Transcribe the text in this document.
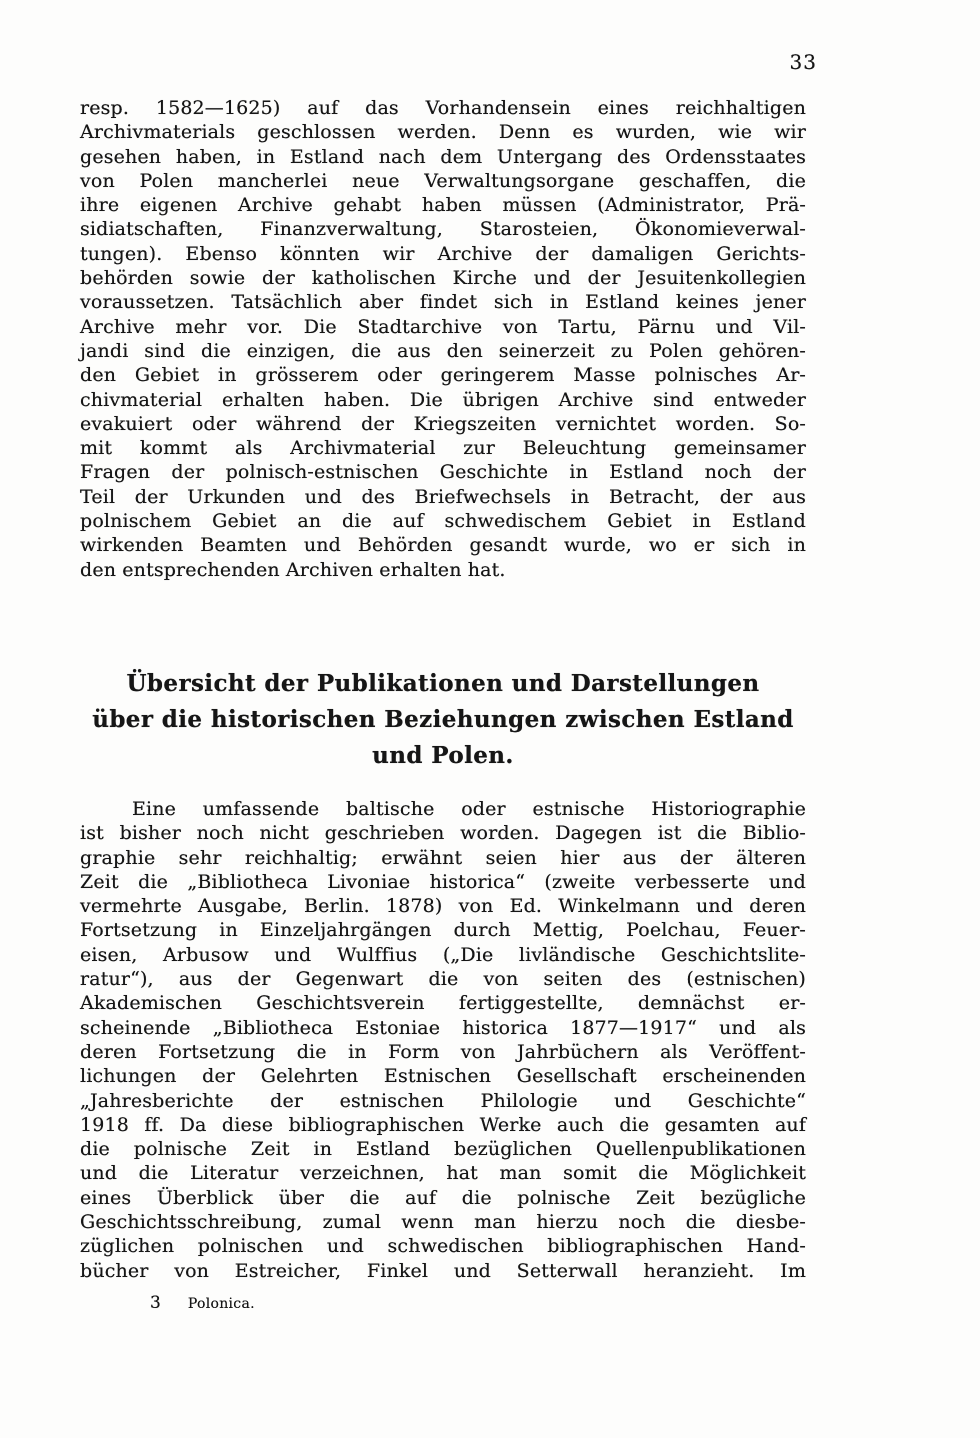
33
resp. 1582—1625) auf das Vorhandensein eines reichhaltigen
Archivmaterials geschlossen werden. Denn es wurden, wie wir
gesehen haben, in Estland nach dem Untergang des Ordensstaates
von Polen mancherlei neue Verwaltungsorgane geschaffen, die
ihre eigenen Archive gehabt haben müssen (Administrator, Prä-
sidiatschaften, Finanzverwaltung, Starosteien, Ökonomieverwal-
tungen). Ebenso könnten wir Archive der damaligen Gerichts-
behörden sowie der katholischen Kirche und der Jesuitenkollegien
voraussetzen. Tatsächlich aber findet sich in Estland keines jener
Archive mehr vor. Die Stadtarchive von Tartu, Pärnu und Vil-
jandi sind die einzigen, die aus den seinerzeit zu Polen gehören-
den Gebiet in grösserem oder geringerem Masse polnisches Ar-
chivmaterial erhalten haben. Die übrigen Archive sind entweder
evakuiert oder während der Kriegszeiten vernichtet worden. So-
mit kommt als Archivmaterial zur Beleuchtung gemeinsamer
Fragen der polnisch-estnischen Geschichte in Estland noch der
Teil der Urkunden und des Briefwechsels in Betracht, der aus
polnischem Gebiet an die auf schwedischem Gebiet in Estland
wirkenden Beamten und Behörden gesandt wurde, wo er sich in
den entsprechenden Archiven erhalten hat.
Übersicht der Publikationen und Darstellungen
über die historischen Beziehungen zwischen Estland
und Polen.
Eine umfassende baltische oder estnische Historiographie
ist bisher noch nicht geschrieben worden. Dagegen ist die Biblio-
graphie sehr reichhaltig; erwähnt seien hier aus der älteren
Zeit die „Bibliotheca Livoniae historica“ (zweite verbesserte und
vermehrte Ausgabe, Berlin. 1878) von Ed. Winkelmann und deren
Fortsetzung in Einzeljahrgängen durch Mettig, Poelchau, Feuer-
eisen, Arbusow und Wulffius („Die livländische Geschichtslite-
ratur“), aus der Gegenwart die von seiten des (estnischen)
Akademischen Geschichtsverein fertiggestellte, demnächst er-
scheinende „Bibliotheca Estoniae historica 1877—1917“ und als
deren Fortsetzung die in Form von Jahrbüchern als Veröffent-
lichungen der Gelehrten Estnischen Gesellschaft erscheinenden
„Jahresberichte der estnischen Philologie und Geschichte“
1918 ff. Da diese bibliographischen Werke auch die gesamten auf
die polnische Zeit in Estland bezüglichen Quellenpublikationen
und die Literatur verzeichnen, hat man somit die Möglichkeit
eines Überblick über die auf die polnische Zeit bezügliche
Geschichtsschreibung, zumal wenn man hierzu noch die diesbe-
züglichen polnischen und schwedischen bibliographischen Hand-
bücher von Estreicher, Finkel und Setterwall heranzieht. Im
3 Polonica.
